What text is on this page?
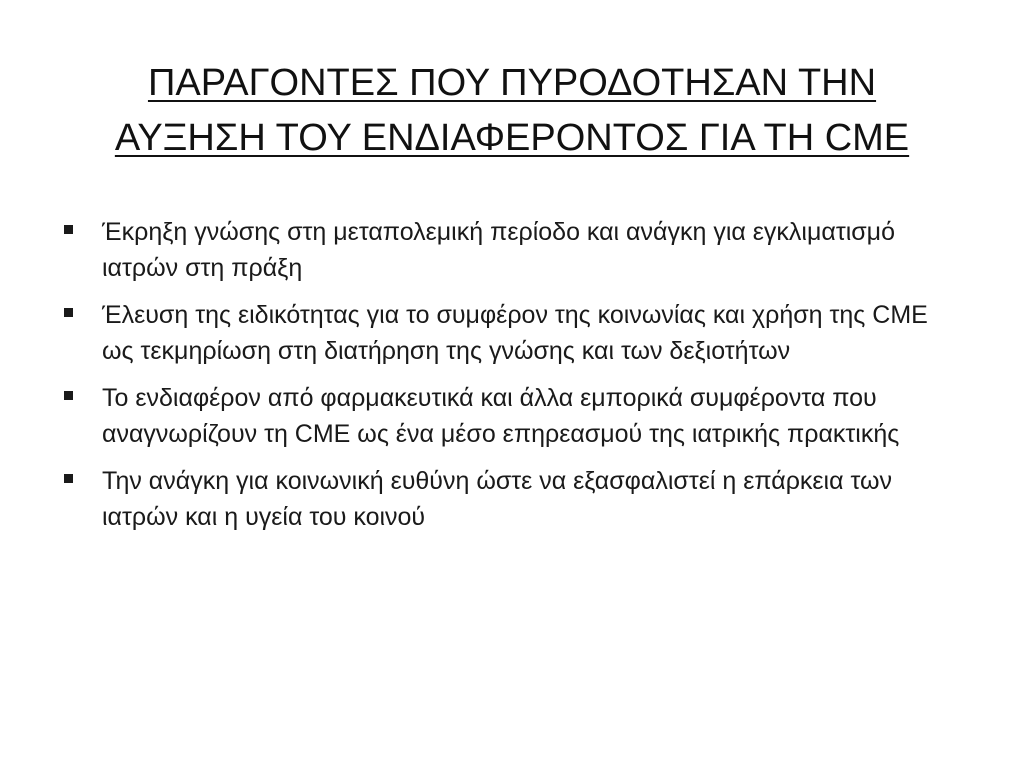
ΠΑΡΑΓΟΝΤΕΣ ΠΟΥ ΠΥΡΟΔΟΤΗΣΑΝ ΤΗΝ
ΑΥΞΗΣΗ ΤΟΥ ΕΝΔΙΑΦΕΡΟΝΤΟΣ ΓΙΑ ΤΗ CME
Έκρηξη γνώσης στη μεταπολεμική περίοδο και ανάγκη για εγκλιματισμό ιατρών στη πράξη
Έλευση της ειδικότητας για το συμφέρον της κοινωνίας και χρήση της CME ως τεκμηρίωση στη διατήρηση της γνώσης και των δεξιοτήτων
Το ενδιαφέρον από φαρμακευτικά και άλλα εμπορικά συμφέροντα που αναγνωρίζουν τη CME ως ένα μέσο επηρεασμού της ιατρικής πρακτικής
Την ανάγκη για κοινωνική ευθύνη ώστε να εξασφαλιστεί η επάρκεια των ιατρών και η υγεία του κοινού
